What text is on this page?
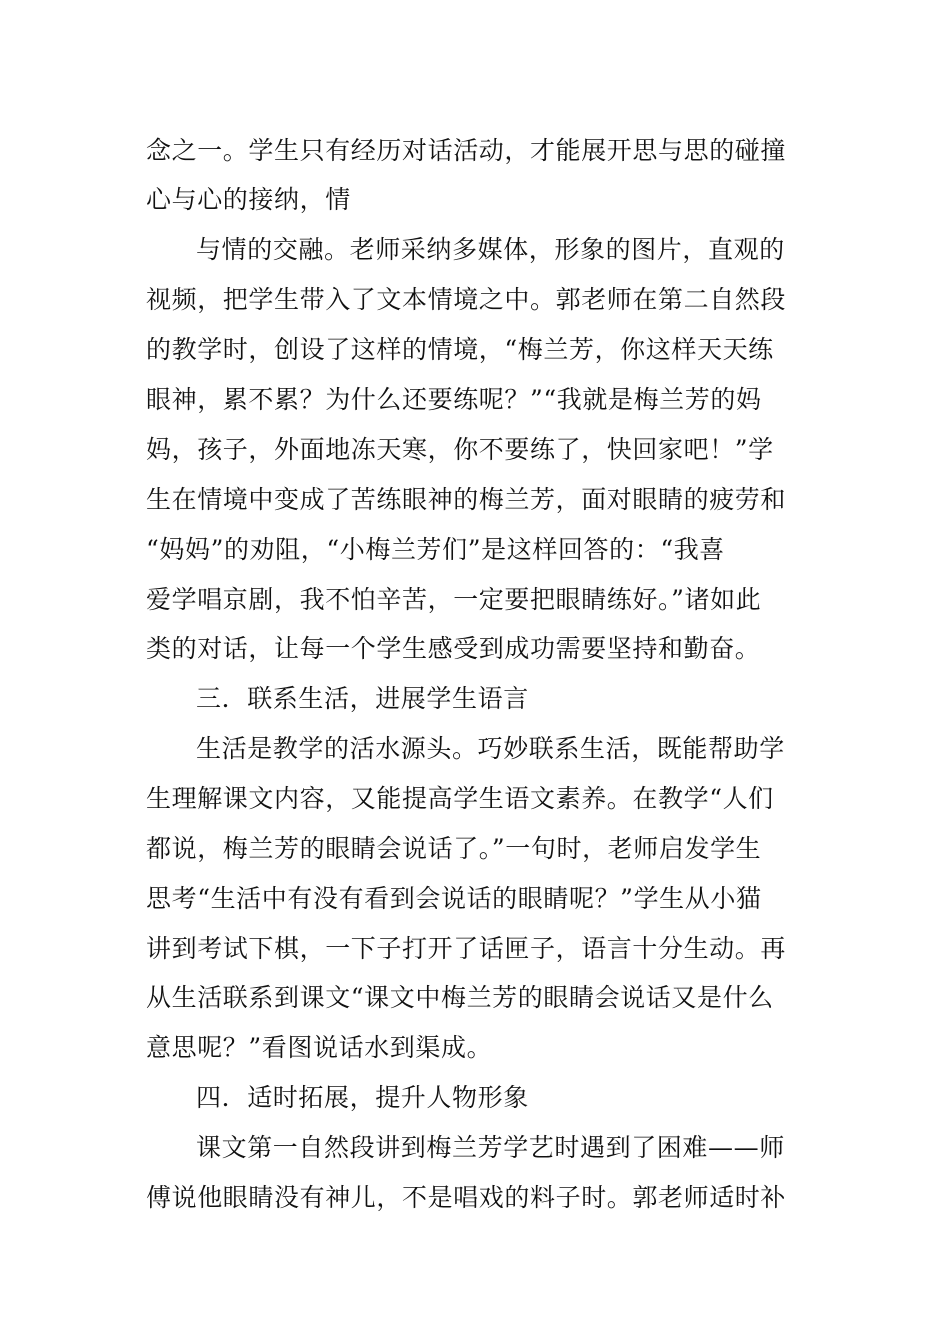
念之一。学生只有经历对话活动，才能展开思与思的碰撞
心与心的接纳，情
与情的交融。老师采纳多媒体，形象的图片，直观的
视频，把学生带入了文本情境之中。郭老师在第二自然段
的教学时，创设了这样的情境，“梅兰芳，你这样天天练
眼神，累不累？为什么还要练呢？”“我就是梅兰芳的妈
妈，孩子，外面地冻天寒，你不要练了，快回家吧！”学
生在情境中变成了苦练眼神的梅兰芳，面对眼睛的疲劳和
“妈妈”的劝阻，“小梅兰芳们”是这样回答的：“我喜
爱学唱京剧，我不怕辛苦，一定要把眼睛练好。”诸如此
类的对话，让每一个学生感受到成功需要坚持和勤奋。
三．联系生活，进展学生语言
生活是教学的活水源头。巧妙联系生活，既能帮助学
生理解课文内容，又能提高学生语文素养。在教学“人们
都说，梅兰芳的眼睛会说话了。”一句时，老师启发学生
思考“生活中有没有看到会说话的眼睛呢？”学生从小猫
讲到考试下棋，一下子打开了话匣子，语言十分生动。再
从生活联系到课文“课文中梅兰芳的眼睛会说话又是什么
意思呢？”看图说话水到渠成。
四．适时拓展，提升人物形象
课文第一自然段讲到梅兰芳学艺时遇到了困难——师
傅说他眼睛没有神儿，不是唱戏的料子时。郭老师适时补
